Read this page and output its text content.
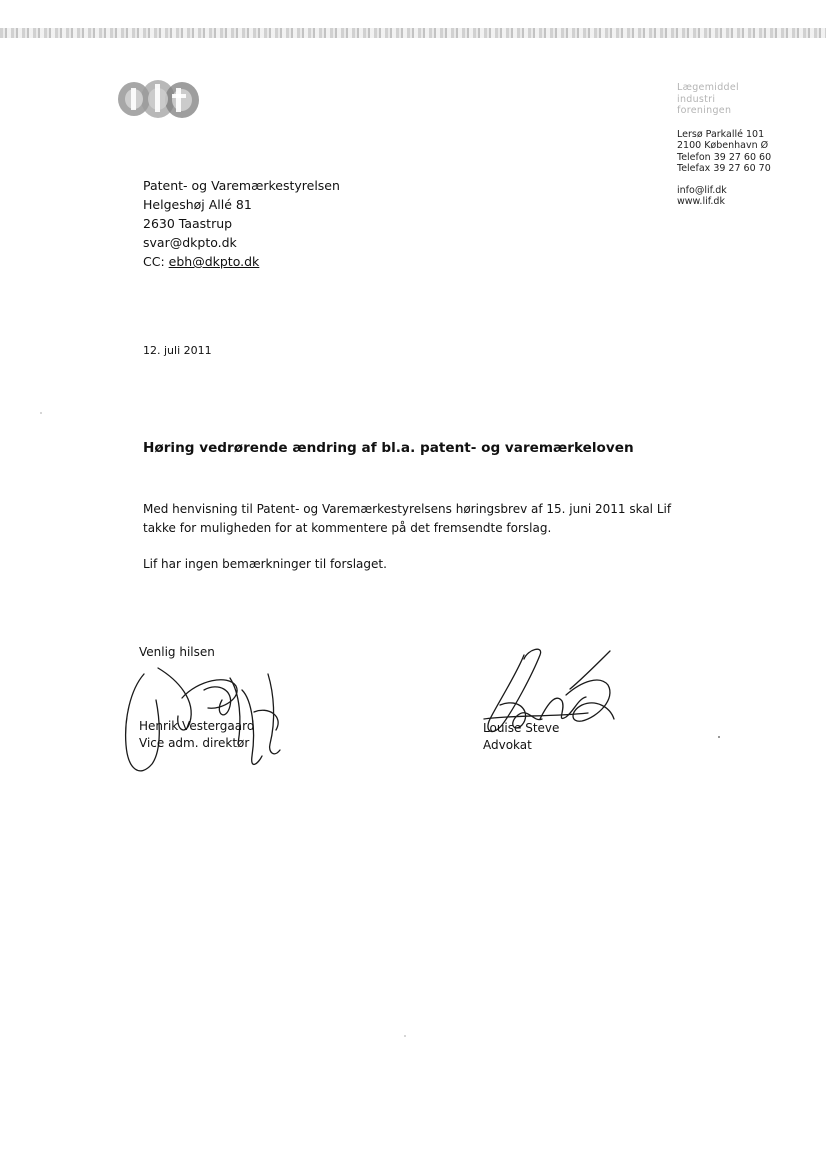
Lægemiddel
industri
foreningen
Lersø Parkallé 101
2100 København Ø
Telefon 39 27 60 60
Telefax 39 27 60 70
info@lif.dk
www.lif.dk
Patent- og Varemærkestyrelsen
Helgeshøj Allé 81
2630 Taastrup
svar@dkpto.dk
CC: ebh@dkpto.dk
12. juli 2011
Høring vedrørende ændring af bl.a. patent- og varemærkeloven

Med henvisning til Patent- og Varemærkestyrelsens høringsbrev af 15. juni 2011 skal Lif takke for muligheden for at kommentere på det fremsendte forslag.

Lif har ingen bemærkninger til forslaget.

Venlig hilsen
Henrik Vestergaard
Vice adm. direktør
Louise Steve
Advokat
